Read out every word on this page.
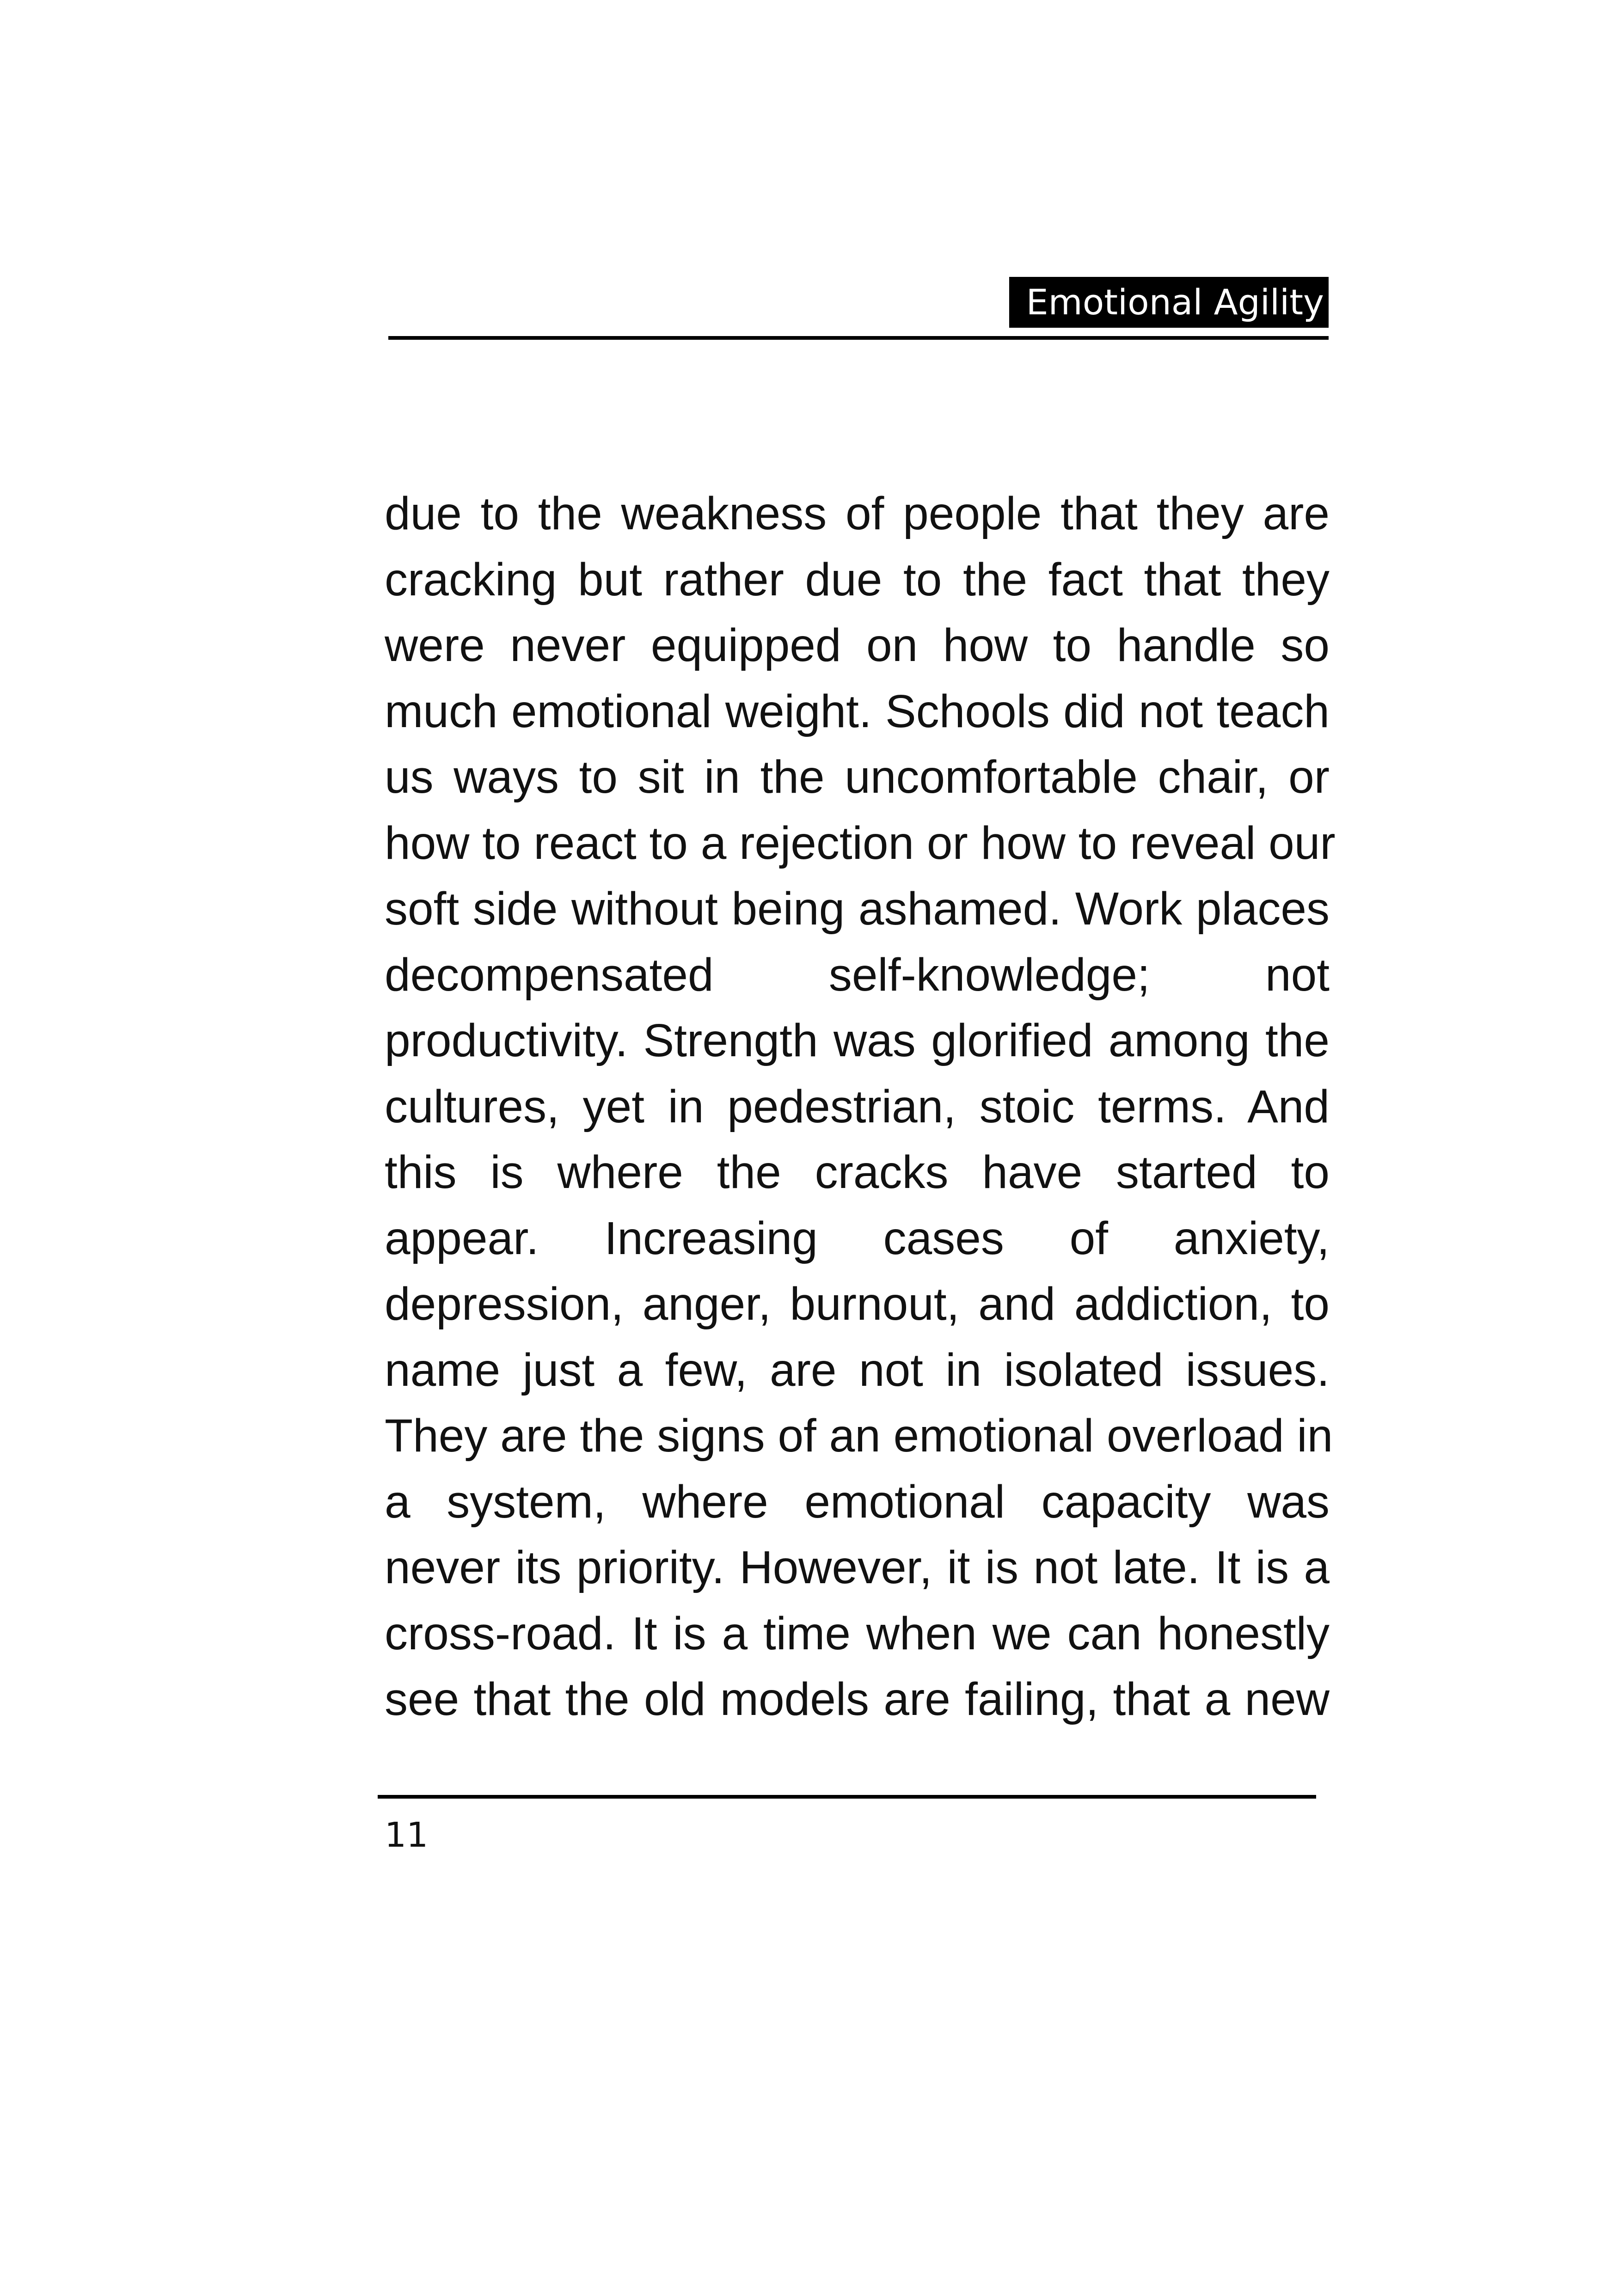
Emotional Agility
due to the weakness of people that they are
cracking but rather due to the fact that they
were never equipped on how to handle so
much emotional weight. Schools did not teach
us ways to sit in the uncomfortable chair, or
how to react to a rejection or how to reveal our
soft side without being ashamed. Work places
decompensated self-knowledge; not
productivity. Strength was glorified among the
cultures, yet in pedestrian, stoic terms. And
this is where the cracks have started to
appear. Increasing cases of anxiety,
depression, anger, burnout, and addiction, to
name just a few, are not in isolated issues.
They are the signs of an emotional overload in
a system, where emotional capacity was
never its priority. However, it is not late. It is a
cross-road. It is a time when we can honestly
see that the old models are failing, that a new
11
